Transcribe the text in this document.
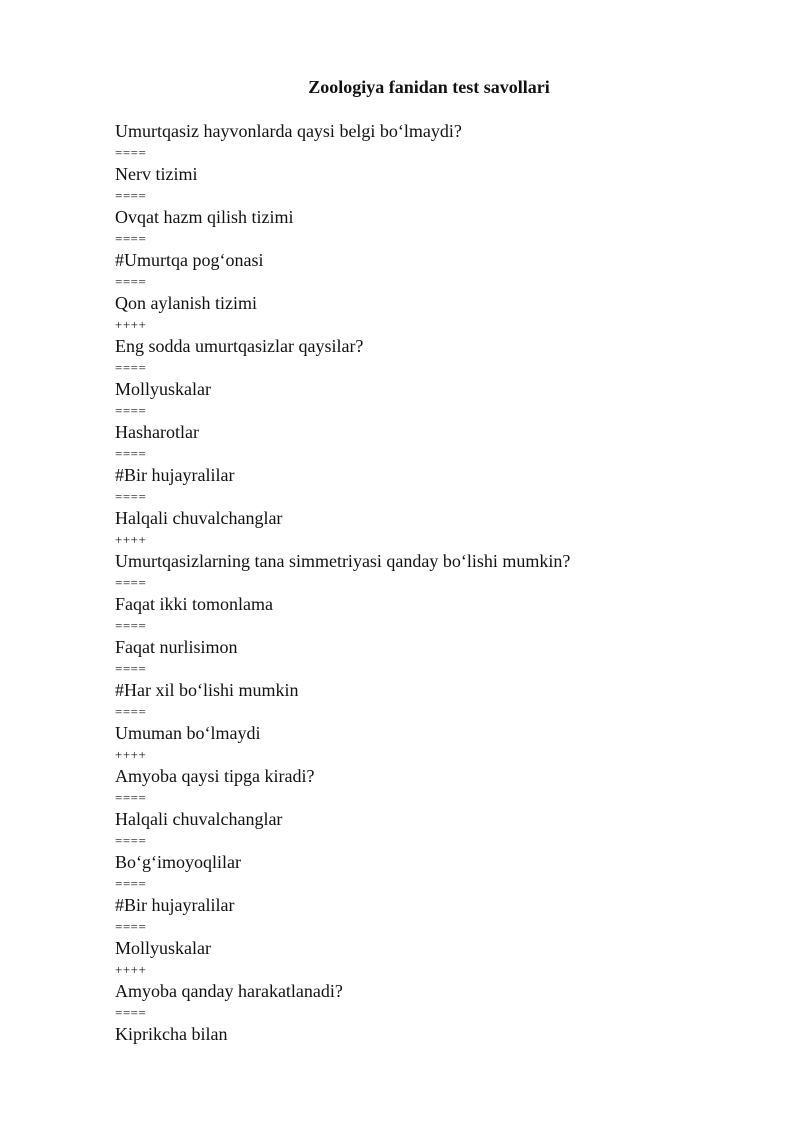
Zoologiya fanidan test savollari
Umurtqasiz hayvonlarda qaysi belgi bo‘lmaydi?
====
Nerv tizimi
====
Ovqat hazm qilish tizimi
====
#Umurtqa pog‘onasi
====
Qon aylanish tizimi
++++
Eng sodda umurtqasizlar qaysilar?
====
Mollyuskalar
====
Hasharotlar
====
#Bir hujayralilar
====
Halqali chuvalchanglar
++++
Umurtqasizlarning tana simmetriyasi qanday bo‘lishi mumkin?
====
Faqat ikki tomonlama
====
Faqat nurlisimon
====
#Har xil bo‘lishi mumkin
====
Umuman bo‘lmaydi
++++
Amyoba qaysi tipga kiradi?
====
Halqali chuvalchanglar
====
Bo‘g‘imoyoqlilar
====
#Bir hujayralilar
====
Mollyuskalar
++++
Amyoba qanday harakatlanadi?
====
Kiprikcha bilan
